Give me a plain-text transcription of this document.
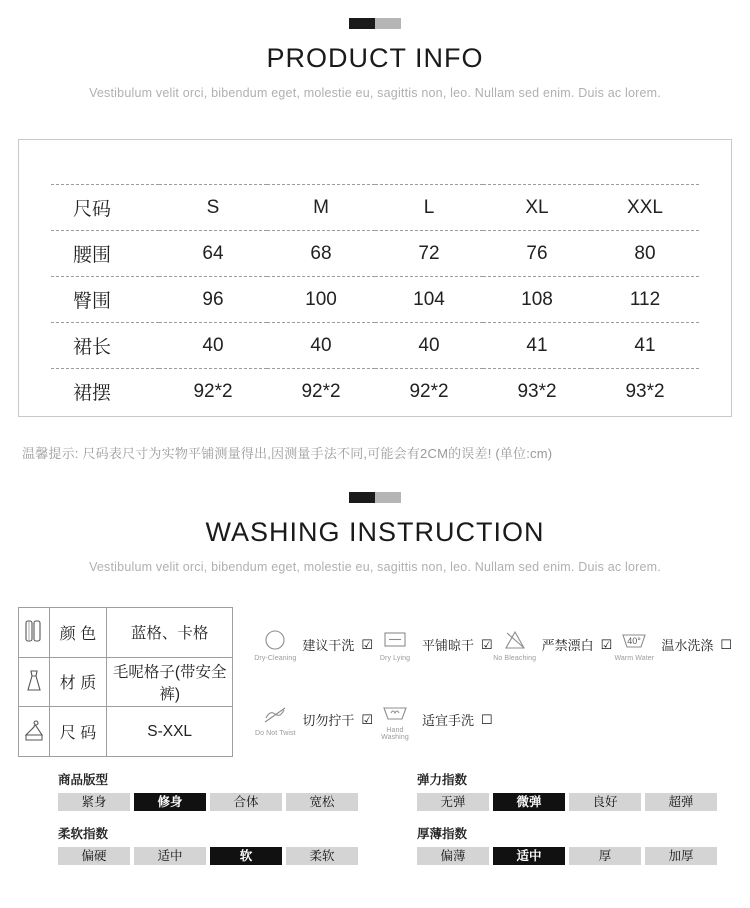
PRODUCT INFO
Vestibulum velit orci, bibendum eget, molestie eu, sagittis non, leo. Nullam sed enim. Duis ac lorem.
尺码	S	M	L	XL	XXL
腰围	64	68	72	76	80
臀围	96	100	104	108	112
裙长	40	40	40	41	41
裙摆	92*2	92*2	92*2	93*2	93*2
温馨提示: 尺码表尺寸为实物平铺测量得出,因测量手法不同,可能会有2CM的误差! (单位:cm)
WASHING INSTRUCTION
Vestibulum velit orci, bibendum eget, molestie eu, sagittis non, leo. Nullam sed enim. Duis ac lorem.
	颜 色	蓝格、卡格

	材 质	毛呢格子(带安全裤)

	尺 码	S-XXL
Dry-Cleaning
建议干洗 ☑
Dry Lying
平铺晾干 ☑
No Bleaching
严禁漂白 ☑ 40°
Warm Water
温水洗涤 ☐
Do Not Twist
切勿拧干 ☑
Hand Washing
适宜手洗 ☐
商品版型
紧身	修身	合体	宽松
柔软指数
偏硬	适中	软	柔软
弹力指数
无弹	微弹	良好	超弹
厚薄指数
偏薄	适中	厚	加厚
